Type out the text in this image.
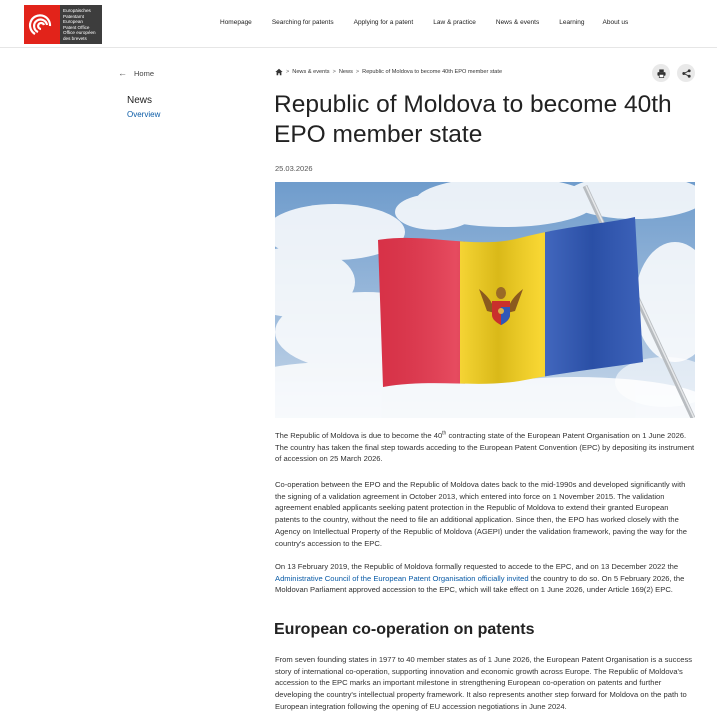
Europäisches
Patentamt
European
Patent Office
Office européen
des brevets
Homepage	Searching for patents	Applying for a patent	Law & practice	News & events	Learning	About us
← Home
News
Overview
> News & events > News > Republic of Moldova to become 40th EPO member state
Republic of Moldova to become 40th EPO member state
25.03.2026

The Republic of Moldova is due to become the 40th contracting state of the European Patent Organisation on 1 June 2026. The country has taken the final step towards acceding to the European Patent Convention (EPC) by depositing its instrument of accession on 25 March 2026.

Co-operation between the EPO and the Republic of Moldova dates back to the mid-1990s and developed significantly with the signing of a validation agreement in October 2013, which entered into force on 1 November 2015. The validation agreement enabled applicants seeking patent protection in the Republic of Moldova to extend their granted European patents to the country, without the need to file an additional application. Since then, the EPO has worked closely with the Agency on Intellectual Property of the Republic of Moldova (AGEPI) under the validation framework, paving the way for the country's accession to the EPC.

On 13 February 2019, the Republic of Moldova formally requested to accede to the EPC, and on 13 December 2022 the Administrative Council of the European Patent Organisation officially invited the country to do so. On 5 February 2026, the Moldovan Parliament approved accession to the EPC, which will take effect on 1 June 2026, under Article 169(2) EPC.

European co-operation on patents

From seven founding states in 1977 to 40 member states as of 1 June 2026, the European Patent Organisation is a success story of international co-operation, supporting innovation and economic growth across Europe. The Republic of Moldova's accession to the EPC marks an important milestone in strengthening European co-operation on patents and further developing the country's intellectual property framework. It also represents another step forward for Moldova on the path to European integration following the opening of EU accession negotiations in June 2024.
